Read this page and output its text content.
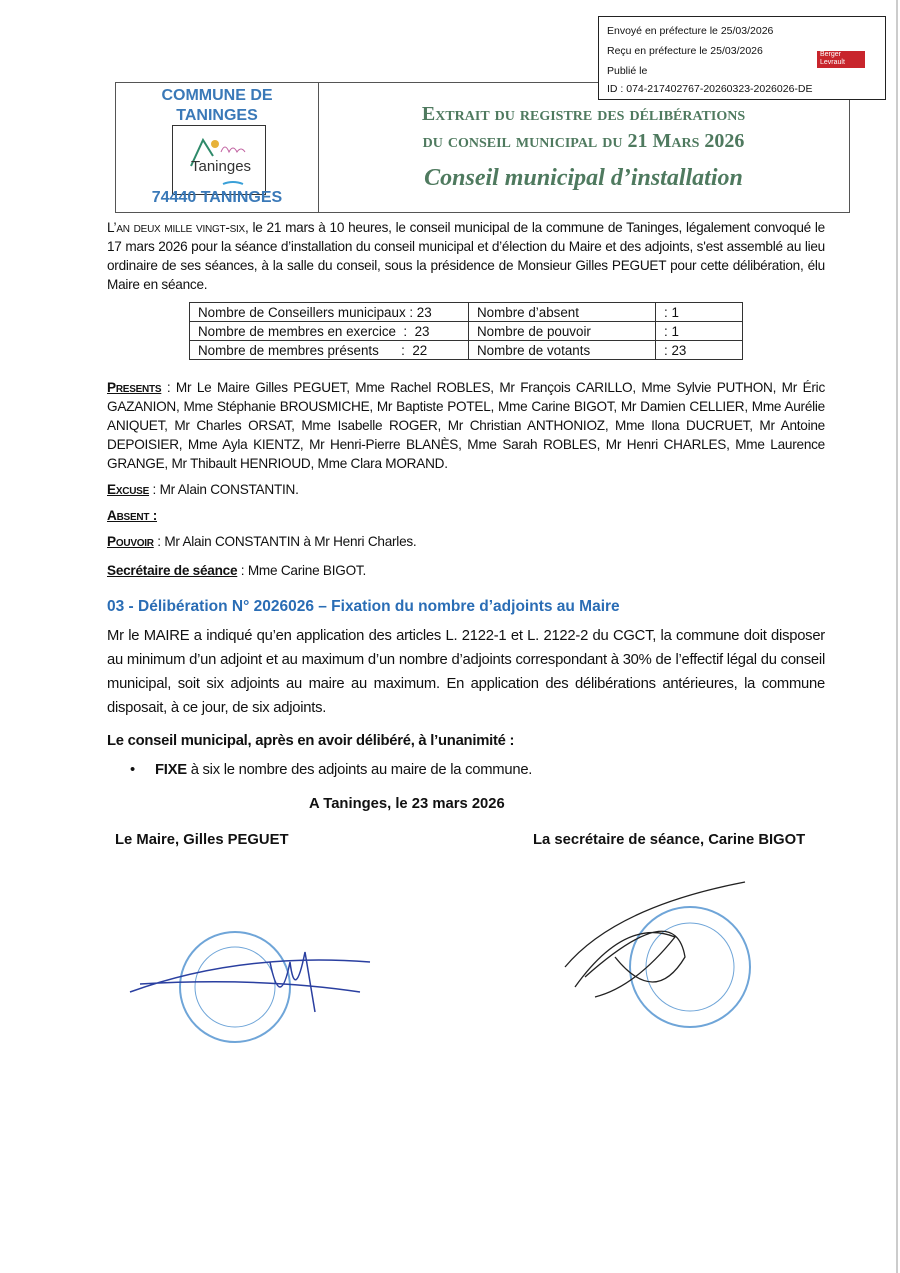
Envoyé en préfecture le 25/03/2026
Reçu en préfecture le 25/03/2026
Publié le
ID : 074-217402767-20260323-2026026-DE
Berger Levrault
COMMUNE DE
TANINGES
Taninges
74440 TANINGES
Extrait du registre des délibérations
du conseil municipal du 21 Mars 2026
Conseil municipal d’installation
L’an deux mille vingt-six, le 21 mars à 10 heures, le conseil municipal de la commune de Taninges, légalement convoqué le 17 mars 2026 pour la séance d’installation du conseil municipal et d’élection du Maire et des adjoints, s'est assemblé au lieu ordinaire de ses séances, à la salle du conseil, sous la présidence de Monsieur Gilles PEGUET pour cette délibération, élu Maire en séance.
Nombre de Conseillers municipaux : 23	Nombre d’absent	: 1
Nombre de membres en exercice  :  23	Nombre de pouvoir	: 1
Nombre de membres présents      :  22	Nombre de votants	: 23
Presents : Mr Le Maire Gilles PEGUET, Mme Rachel ROBLES, Mr François CARILLO, Mme Sylvie PUTHON, Mr Éric GAZANION, Mme Stéphanie BROUSMICHE, Mr Baptiste POTEL, Mme Carine BIGOT, Mr Damien CELLIER, Mme Aurélie ANIQUET, Mr Charles ORSAT, Mme Isabelle ROGER, Mr Christian ANTHONIOZ, Mme Ilona DUCRUET, Mr Antoine DEPOISIER, Mme Ayla KIENTZ, Mr Henri-Pierre BLANÈS, Mme Sarah ROBLES, Mr Henri CHARLES, Mme Laurence GRANGE, Mr Thibault HENRIOUD, Mme Clara MORAND.
Excuse : Mr Alain CONSTANTIN.
Absent :
Pouvoir : Mr Alain CONSTANTIN à Mr Henri Charles.
Secrétaire de séance : Mme Carine BIGOT.
03 - Délibération N° 2026026 – Fixation du nombre d’adjoints au Maire
Mr le MAIRE a indiqué qu’en application des articles L. 2122-1 et L. 2122-2 du CGCT, la commune doit disposer au minimum d’un adjoint et au maximum d’un nombre d’adjoints correspondant à 30% de l’effectif légal du conseil municipal, soit six adjoints au maire au maximum. En application des délibérations antérieures, la commune disposait, à ce jour, de six adjoints.
Le conseil municipal, après en avoir délibéré, à l’unanimité :
• FIXE à six le nombre des adjoints au maire de la commune.
A Taninges, le 23 mars 2026
Le Maire, Gilles PEGUET	La secrétaire de séance, Carine BIGOT
